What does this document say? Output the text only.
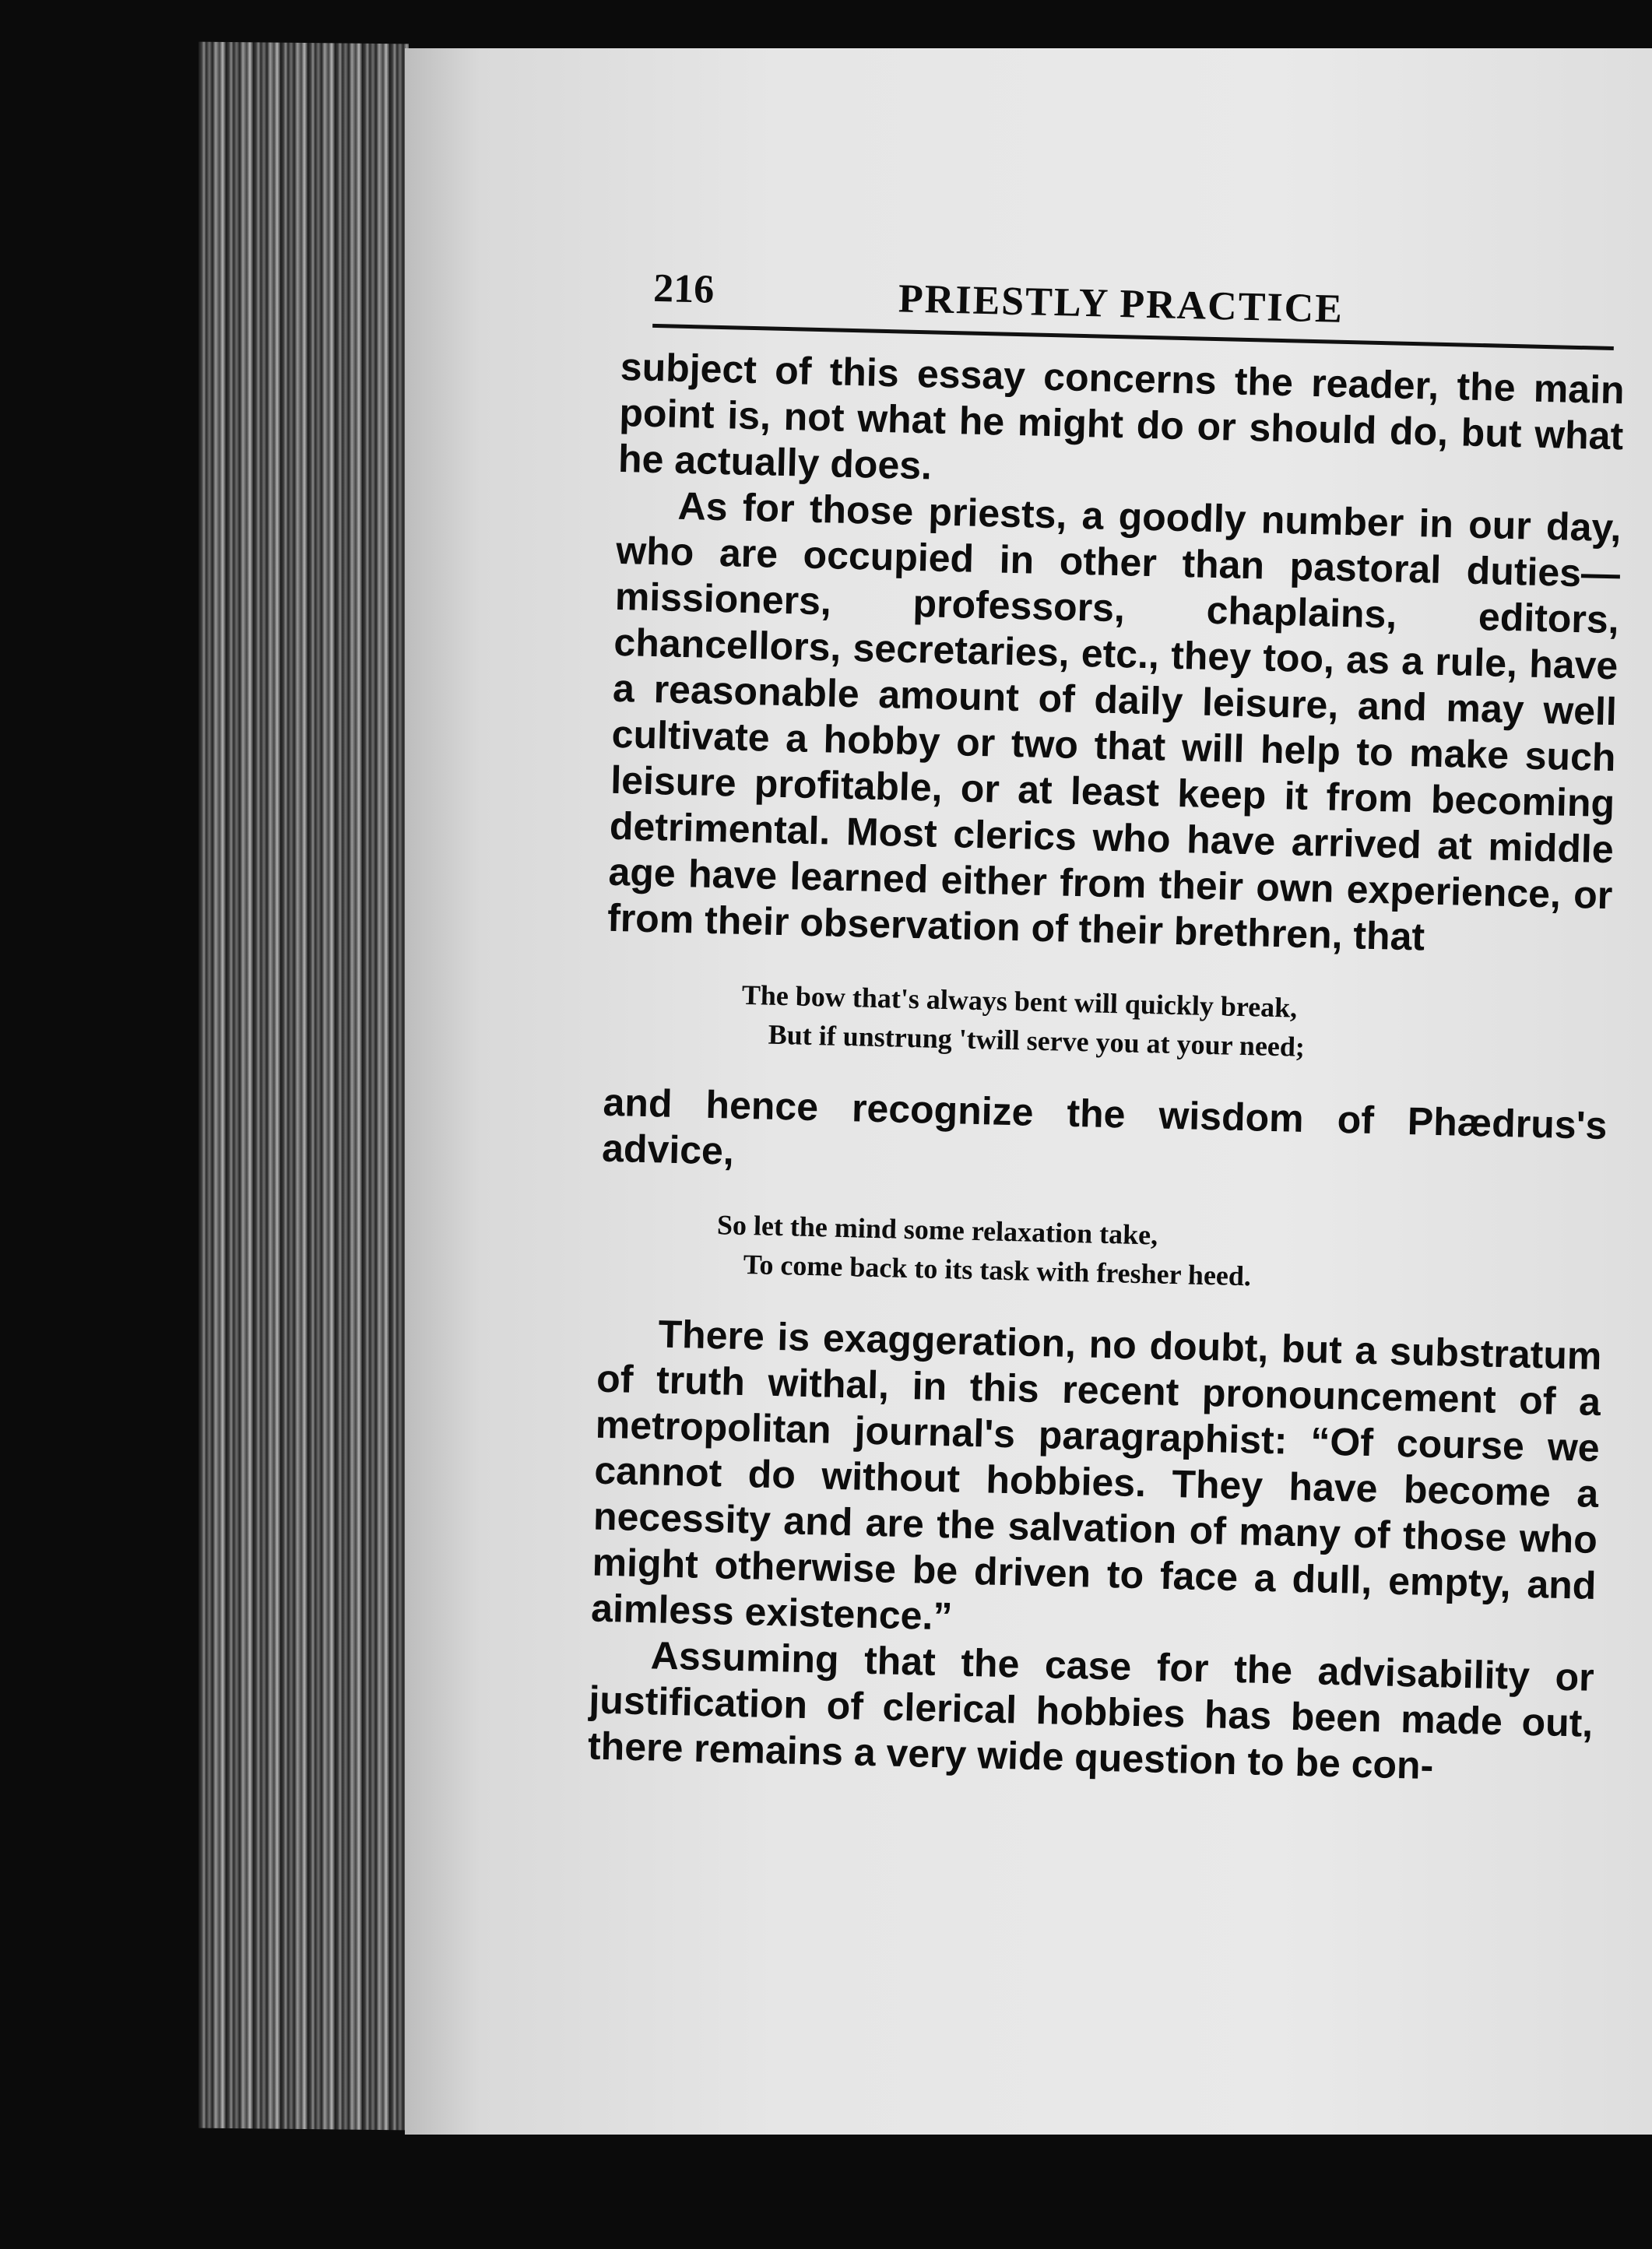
216	PRIESTLY PRACTICE

subject of this essay concerns the reader, the main point is, not what he might do or should do, but what he actually does.

As for those priests, a goodly number in our day, who are occupied in other than pastoral duties—missioners, professors, chaplains, editors, chancellors, secretaries, etc., they too, as a rule, have a reasonable amount of daily leisure, and may well cultivate a hobby or two that will help to make such leisure profitable, or at least keep it from becoming detrimental. Most clerics who have arrived at middle age have learned either from their own experience, or from their observation of their brethren, that

The bow that's always bent will quickly break,
But if unstrung 'twill serve you at your need;

and hence recognize the wisdom of Phædrus's advice,

So let the mind some relaxation take,
To come back to its task with fresher heed.

There is exaggeration, no doubt, but a substratum of truth withal, in this recent pronouncement of a metropolitan journal's paragraphist: “Of course we cannot do without hobbies. They have become a necessity and are the salvation of many of those who might otherwise be driven to face a dull, empty, and aimless existence.”

Assuming that the case for the advisability or justification of clerical hobbies has been made out, there remains a very wide question to be con-
